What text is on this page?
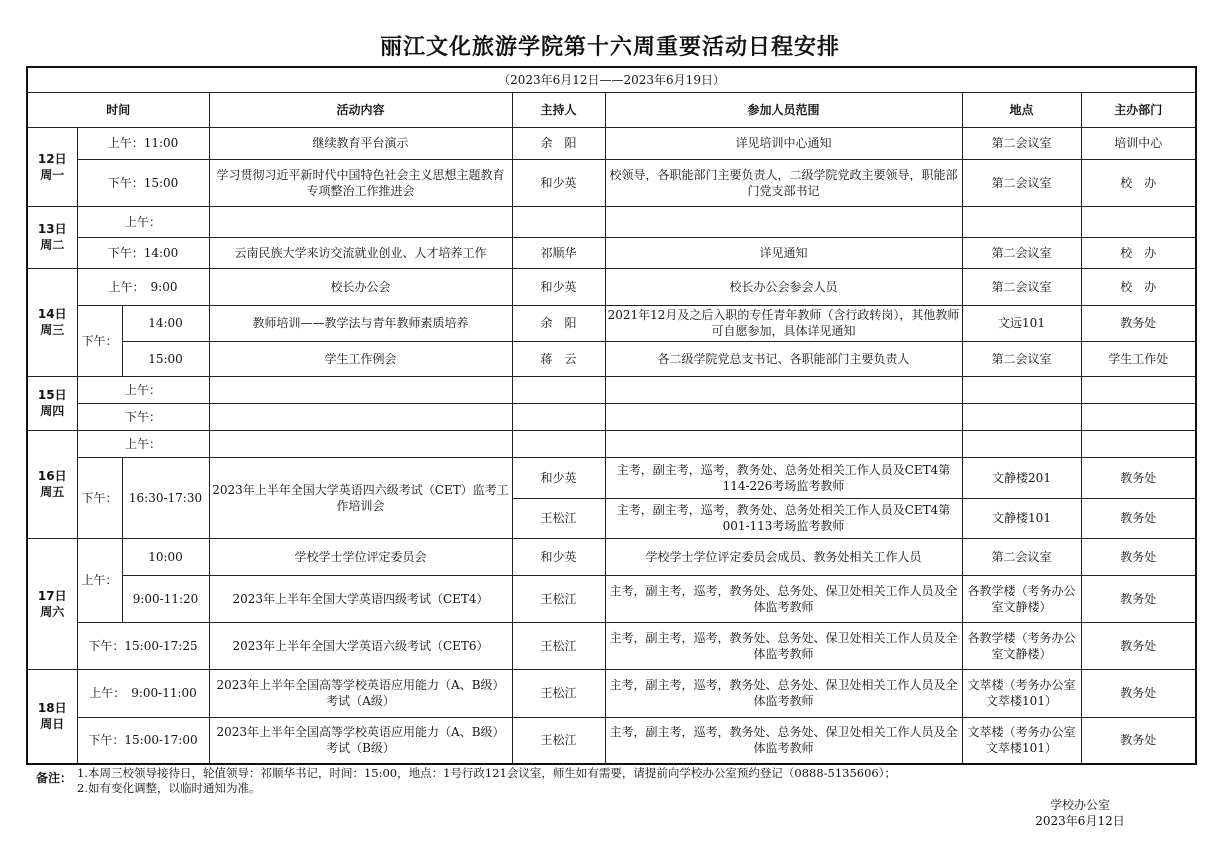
丽江文化旅游学院第十六周重要活动日程安排
（2023年6月12日——2023年6月19日）							
时间			活动内容	主持人	参加人员范围	地点	主办部门
12日 周一	上午：11:00		继续教育平台演示	余　阳	详见培训中心通知	第二会议室	培训中心
	下午：15:00		学习贯彻习近平新时代中国特色社会主义思想主题教育专项整治工作推进会	和少英	校领导，各职能部门主要负责人，二级学院党政主要领导，职能部门党支部书记	第二会议室	校　办
13日 周二	上午：						
	下午：14:00		云南民族大学来访交流就业创业、人才培养工作	祁顺华	详见通知	第二会议室	校　办
14日 周三	上午：　9:00		校长办公会	和少英	校长办公会参会人员	第二会议室	校　办
	下午：	14:00	教师培训——教学法与青年教师素质培养	余　阳	2021年12月及之后入职的专任青年教师（含行政转岗），其他教师可自愿参加，具体详见通知	文远101	教务处
		15:00	学生工作例会	蒋　云	各二级学院党总支书记、各职能部门主要负责人	第二会议室	学生工作处
15日 周四	上午：						
	下午：						
16日 周五	上午：						
	下午：	16:30-17:30	2023年上半年全国大学英语四六级考试（CET）监考工作培训会	和少英	主考，副主考，巡考，教务处、总务处相关工作人员及CET4第114-226考场监考教师	文静楼201	教务处
				王松江	主考，副主考，巡考，教务处、总务处相关工作人员及CET4第001-113考场监考教师	文静楼101	教务处
17日 周六	上午：	10:00	学校学士学位评定委员会	和少英	学校学士学位评定委员会成员、教务处相关工作人员	第二会议室	教务处
		9:00-11:20	2023年上半年全国大学英语四级考试（CET4）	王松江	主考，副主考，巡考，教务处、总务处、保卫处相关工作人员及全体监考教师	各教学楼（考务办公室文静楼）	教务处
	下午：15:00-17:25		2023年上半年全国大学英语六级考试（CET6）	王松江	主考，副主考，巡考，教务处、总务处、保卫处相关工作人员及全体监考教师	各教学楼（考务办公室文静楼）	教务处
18日 周日	上午：　9:00-11:00		2023年上半年全国高等学校英语应用能力（A、B级）考试（A级）	王松江	主考，副主考，巡考，教务处、总务处、保卫处相关工作人员及全体监考教师	文萃楼（考务办公室文萃楼101）	教务处
	下午：15:00-17:00		2023年上半年全国高等学校英语应用能力（A、B级）考试（B级）	王松江	主考，副主考，巡考，教务处、总务处、保卫处相关工作人员及全体监考教师	文萃楼（考务办公室文萃楼101）	教务处
备注： 1.本周三校领导接待日，轮值领导：祁顺华书记，时间：15:00，地点：1号行政121会议室，师生如有需要，请提前向学校办公室预约登记（0888-5135606）；
2.如有变化调整，以临时通知为准。
学校办公室
2023年6月12日
